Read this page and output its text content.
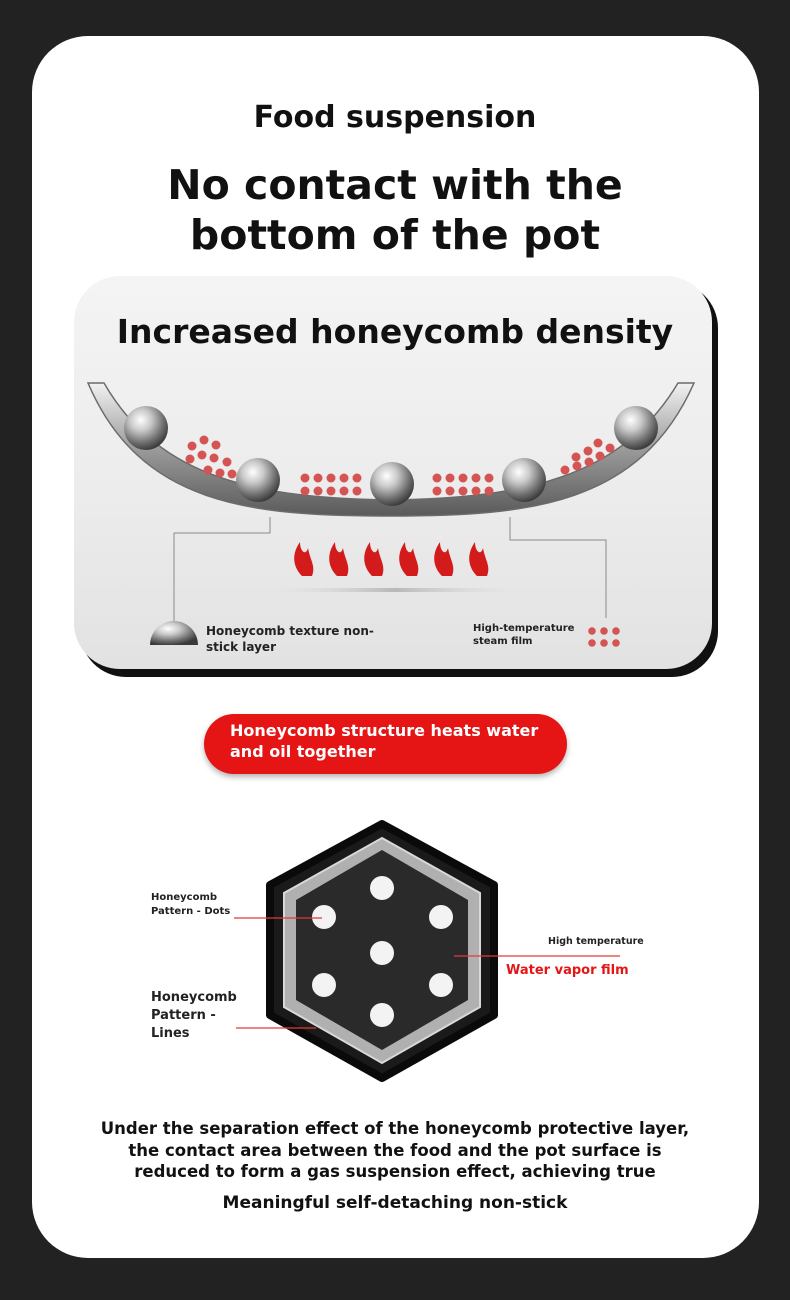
Food suspension
No contact with the
bottom of the pot
Increased honeycomb density
Honeycomb texture non-
stick layer
High-temperature
steam film
Honeycomb structure heats water
and oil together
Honeycomb
Pattern - Dots
Honeycomb
Pattern -
Lines
High temperature
Water vapor film
Under the separation effect of the honeycomb protective layer,
the contact area between the food and the pot surface is
reduced to form a gas suspension effect, achieving true
Meaningful self-detaching non-stick
